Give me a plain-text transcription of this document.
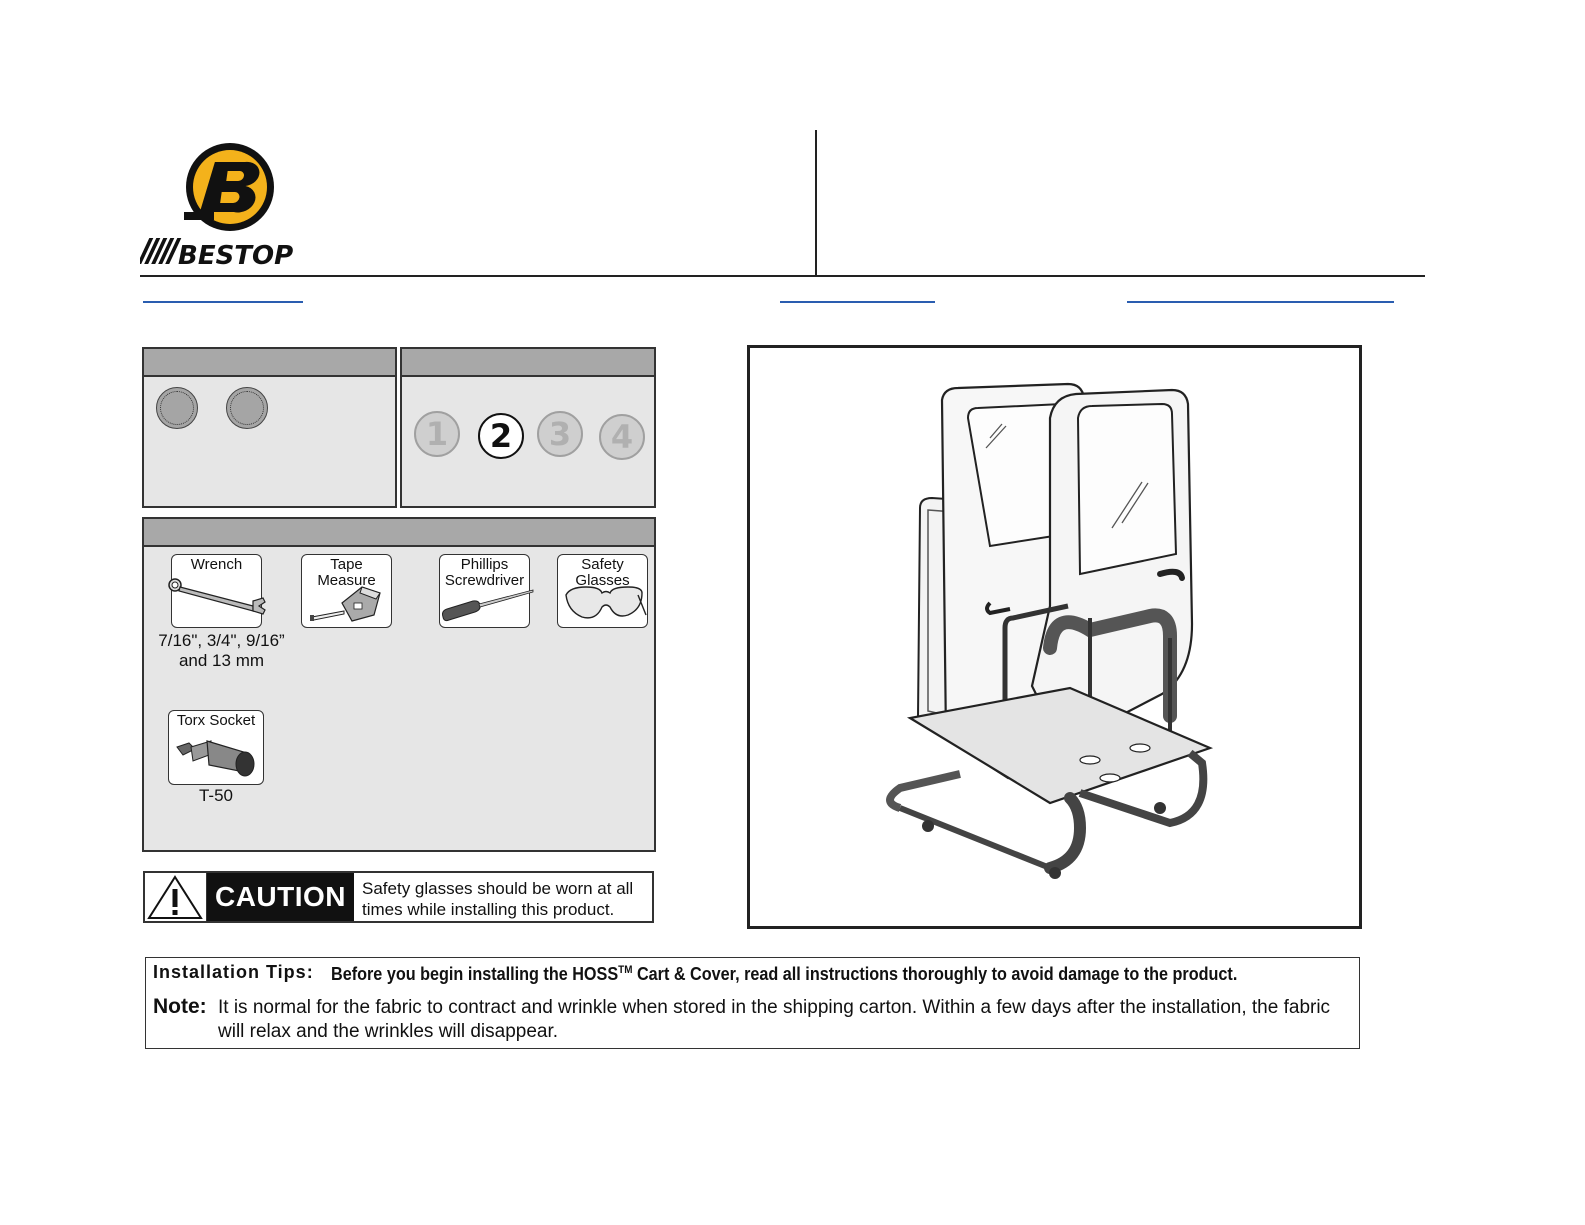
BESTOP
1	2	3	4
Wrench
7/16", 3/4", 9/16”
and 13 mm
Tape
Measure
Phillips
Screwdriver
Safety
Glasses
Torx Socket
T-50
CAUTION Safety glasses should be worn at all times while installing this product.
Installation Tips: Before you begin installing the HOSS™ Cart & Cover, read all instructions thoroughly to avoid damage to the product.
Note: It is normal for the fabric to contract and wrinkle when stored in the shipping carton. Within a few days after the installation, the fabric will relax and the wrinkles will disappear.
